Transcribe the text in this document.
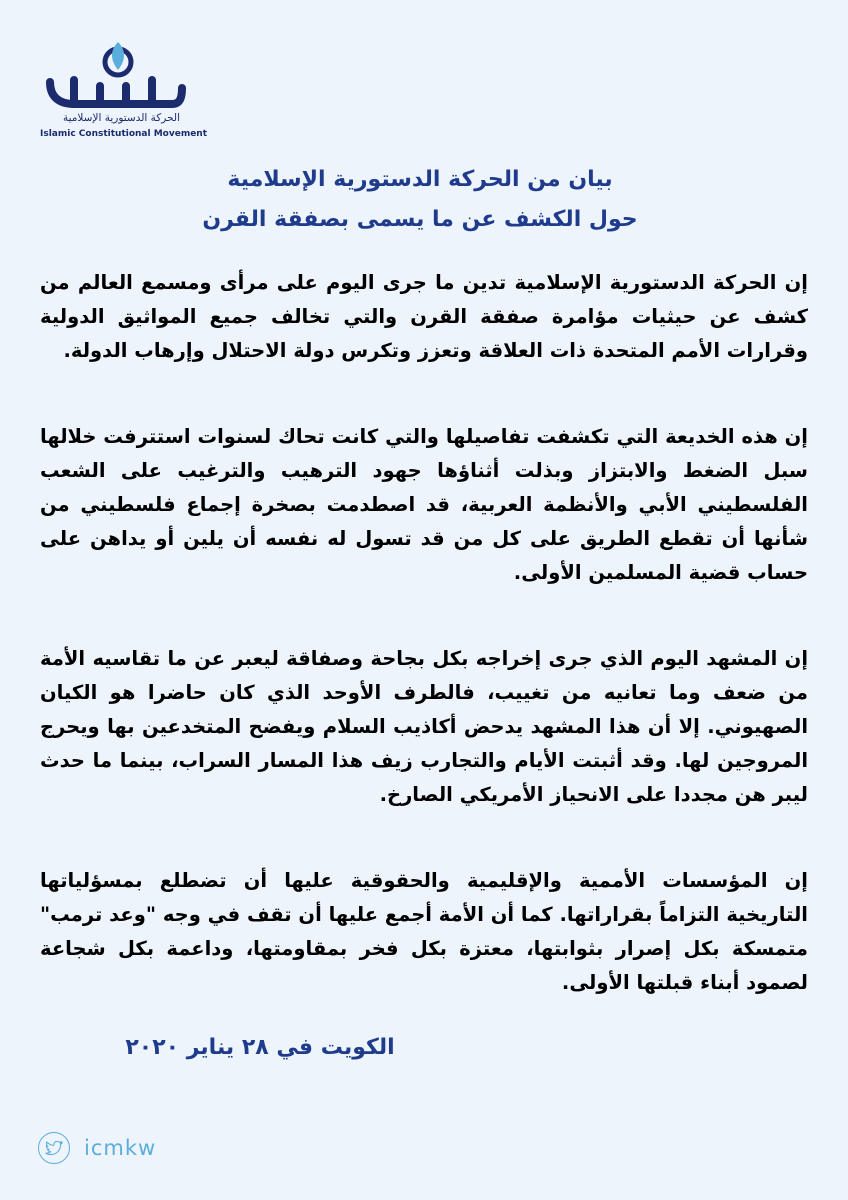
حدس
الحركة الدستورية الإسلامية
Islamic Constitutional Movement
بيان من الحركة الدستورية الإسلامية
حول الكشف عن ما يسمى بصفقة القرن

إن الحركة الدستورية الإسلامية تدين ما جرى اليوم على مرأى ومسمع العالم من كشف عن حيثيات مؤامرة صفقة القرن والتي تخالف جميع المواثيق الدولية وقرارات الأمم المتحدة ذات العلاقة وتعزز وتكرس دولة الاحتلال وإرهاب الدولة.

إن هذه الخديعة التي تكشفت تفاصيلها والتي كانت تحاك لسنوات استترفت خلالها سبل الضغط والابتزاز وبذلت أثناؤها جهود الترهيب والترغيب على الشعب الفلسطيني الأبي والأنظمة العربية، قد اصطدمت بصخرة إجماع فلسطيني من شأنها أن تقطع الطريق على كل من قد تسول له نفسه أن يلين أو يداهن على حساب قضية المسلمين الأولى.

إن المشهد اليوم الذي جرى إخراجه بكل بجاحة وصفاقة ليعبر عن ما تقاسيه الأمة من ضعف وما تعانيه من تغييب، فالطرف الأوحد الذي كان حاضرا هو الكيان الصهيوني. إلا أن هذا المشهد يدحض أكاذيب السلام ويفضح المتخدعين بها ويحرج المروجين لها. وقد أثبتت الأيام والتجارب زيف هذا المسار السراب، بينما ما حدث ليبر هن مجددا على الانحياز الأمريكي الصارخ.

إن المؤسسات الأممية والإقليمية والحقوقية عليها أن تضطلع بمسؤلياتها التاريخية التزاماً بقراراتها. كما أن الأمة أجمع عليها أن تقف في وجه "وعد ترمب" متمسكة بكل إصرار بثوابتها، معتزة بكل فخر بمقاومتها، وداعمة بكل شجاعة لصمود أبناء قبلتها الأولى.

الكويت في ٢٨ يناير ٢٠٢٠
icmkw
